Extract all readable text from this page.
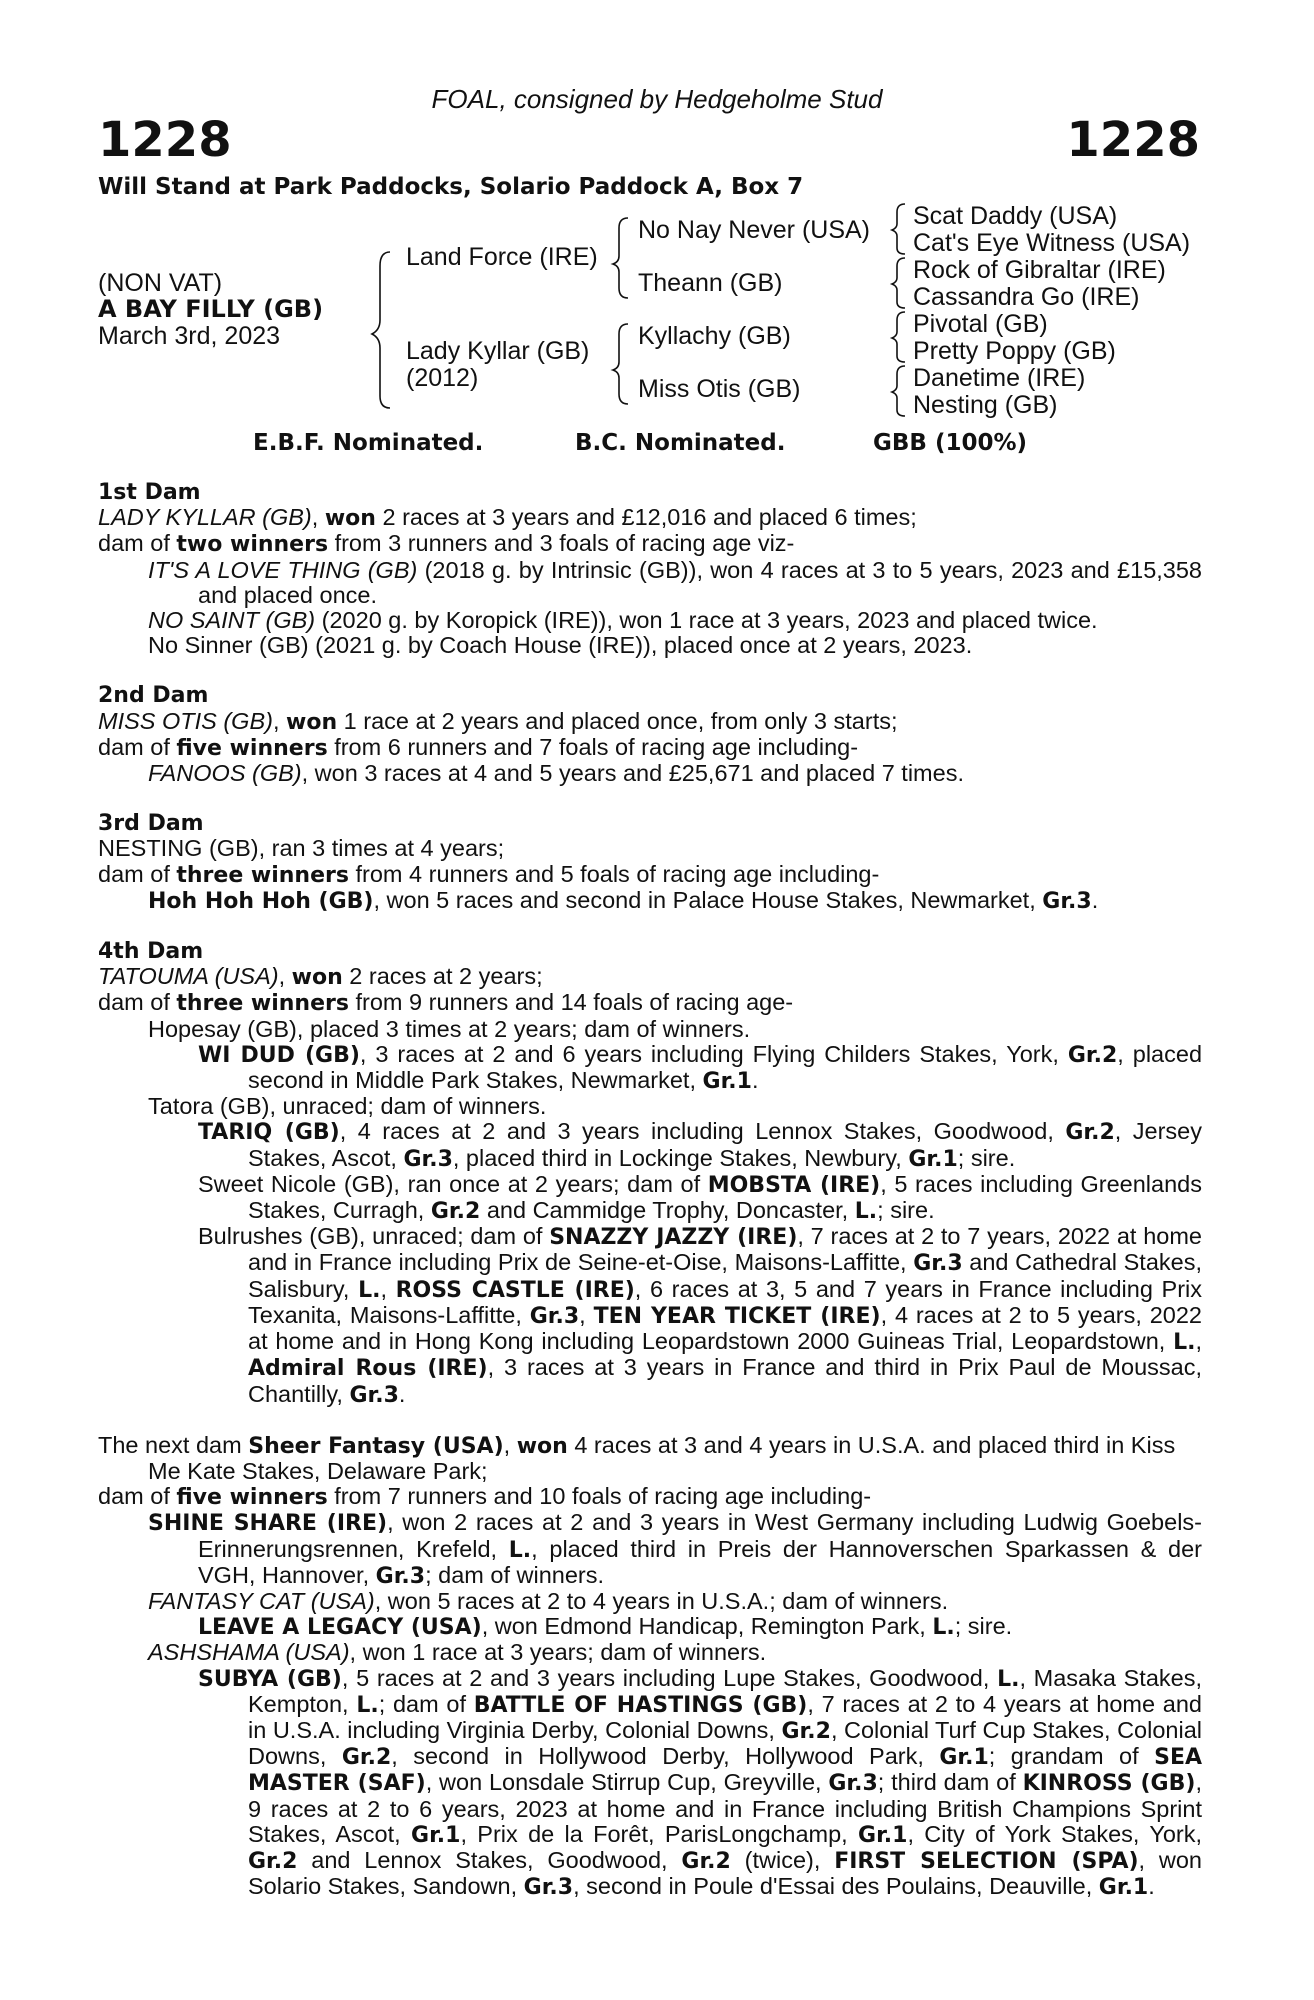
FOAL, consigned by Hedgeholme Stud
1228	1228
Will Stand at Park Paddocks, Solario Paddock A, Box 7
(NON VAT)
A BAY FILLY (GB)
March 3rd, 2023
Land Force (IRE)
Lady Kyllar (GB)
(2012)
No Nay Never (USA)
Theann (GB)
Kyllachy (GB)
Miss Otis (GB)
Scat Daddy (USA)
Cat's Eye Witness (USA)
Rock of Gibraltar (IRE)
Cassandra Go (IRE)
Pivotal (GB)
Pretty Poppy (GB)
Danetime (IRE)
Nesting (GB)
E.B.F. Nominated.	B.C. Nominated.	GBB (100%)

1st Dam

LADY KYLLAR (GB), won 2 races at 3 years and £12,016 and placed 6 times;

dam of two winners from 3 runners and 3 foals of racing age viz-

IT'S A LOVE THING (GB) (2018 g. by Intrinsic (GB)), won 4 races at 3 to 5 years, 2023 and £15,358 and placed once.

NO SAINT (GB) (2020 g. by Koropick (IRE)), won 1 race at 3 years, 2023 and placed twice.

No Sinner (GB) (2021 g. by Coach House (IRE)), placed once at 2 years, 2023.

2nd Dam

MISS OTIS (GB), won 1 race at 2 years and placed once, from only 3 starts;

dam of five winners from 6 runners and 7 foals of racing age including-

FANOOS (GB), won 3 races at 4 and 5 years and £25,671 and placed 7 times.

3rd Dam

NESTING (GB), ran 3 times at 4 years;

dam of three winners from 4 runners and 5 foals of racing age including-

Hoh Hoh Hoh (GB), won 5 races and second in Palace House Stakes, Newmarket, Gr.3.

4th Dam

TATOUMA (USA), won 2 races at 2 years;

dam of three winners from 9 runners and 14 foals of racing age-

Hopesay (GB), placed 3 times at 2 years; dam of winners.

WI DUD (GB), 3 races at 2 and 6 years including Flying Childers Stakes, York, Gr.2, placed second in Middle Park Stakes, Newmarket, Gr.1.

Tatora (GB), unraced; dam of winners.

TARIQ (GB), 4 races at 2 and 3 years including Lennox Stakes, Goodwood, Gr.2, Jersey Stakes, Ascot, Gr.3, placed third in Lockinge Stakes, Newbury, Gr.1; sire.

Sweet Nicole (GB), ran once at 2 years; dam of MOBSTA (IRE), 5 races including Greenlands Stakes, Curragh, Gr.2 and Cammidge Trophy, Doncaster, L.; sire.

Bulrushes (GB), unraced; dam of SNAZZY JAZZY (IRE), 7 races at 2 to 7 years, 2022 at home and in France including Prix de Seine-et-Oise, Maisons-Laffitte, Gr.3 and Cathedral Stakes, Salisbury, L., ROSS CASTLE (IRE), 6 races at 3, 5 and 7 years in France including Prix Texanita, Maisons-Laffitte, Gr.3, TEN YEAR TICKET (IRE), 4 races at 2 to 5 years, 2022 at home and in Hong Kong including Leopardstown 2000 Guineas Trial, Leopardstown, L., Admiral Rous (IRE), 3 races at 3 years in France and third in Prix Paul de Moussac, Chantilly, Gr.3.

The next dam Sheer Fantasy (USA), won 4 races at 3 and 4 years in U.S.A. and placed third in Kiss Me Kate Stakes, Delaware Park;

dam of five winners from 7 runners and 10 foals of racing age including-

SHINE SHARE (IRE), won 2 races at 2 and 3 years in West Germany including Ludwig Goebels-Erinnerungsrennen, Krefeld, L., placed third in Preis der Hannoverschen Sparkassen & der VGH, Hannover, Gr.3; dam of winners.

FANTASY CAT (USA), won 5 races at 2 to 4 years in U.S.A.; dam of winners.

LEAVE A LEGACY (USA), won Edmond Handicap, Remington Park, L.; sire.

ASHSHAMA (USA), won 1 race at 3 years; dam of winners.

SUBYA (GB), 5 races at 2 and 3 years including Lupe Stakes, Goodwood, L., Masaka Stakes, Kempton, L.; dam of BATTLE OF HASTINGS (GB), 7 races at 2 to 4 years at home and in U.S.A. including Virginia Derby, Colonial Downs, Gr.2, Colonial Turf Cup Stakes, Colonial Downs, Gr.2, second in Hollywood Derby, Hollywood Park, Gr.1; grandam of SEA MASTER (SAF), won Lonsdale Stirrup Cup, Greyville, Gr.3; third dam of KINROSS (GB), 9 races at 2 to 6 years, 2023 at home and in France including British Champions Sprint Stakes, Ascot, Gr.1, Prix de la Forêt, ParisLongchamp, Gr.1, City of York Stakes, York, Gr.2 and Lennox Stakes, Goodwood, Gr.2 (twice), FIRST SELECTION (SPA), won Solario Stakes, Sandown, Gr.3, second in Poule d'Essai des Poulains, Deauville, Gr.1.
